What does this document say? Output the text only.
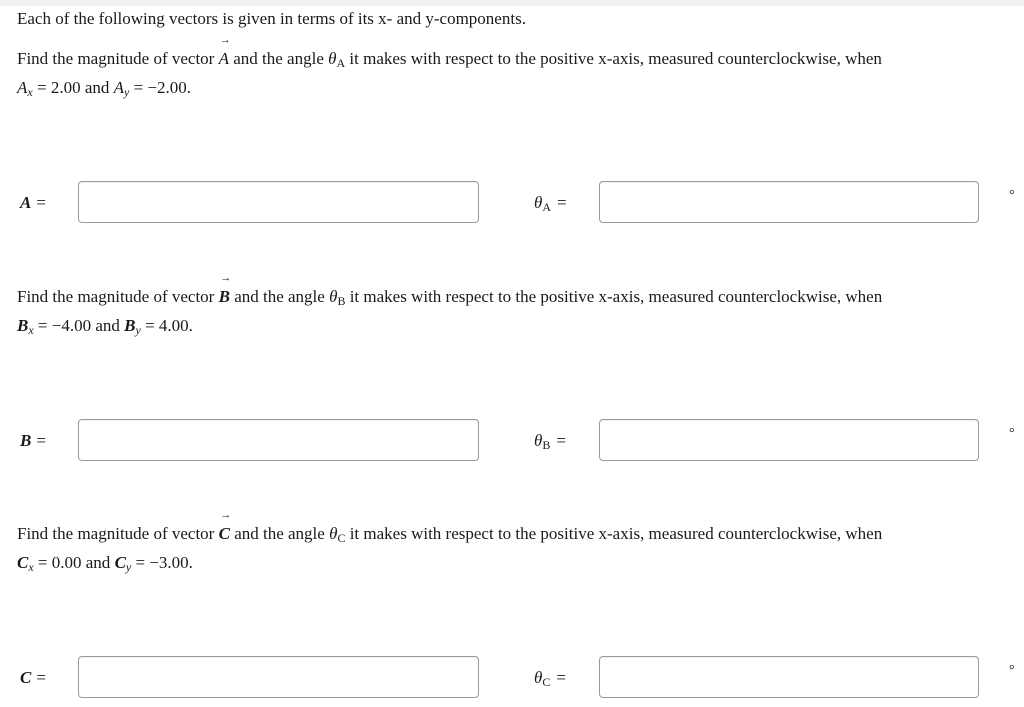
Each of the following vectors is given in terms of its x- and y-components.
Find the magnitude of vector
→
A and the angle $\theta_A$ it makes with respect to the positive x-axis, measured counterclockwise, when
$A_x = 2.00$ and $A_y = -2.00$.
A =	$\theta_A$ =	°
Find the magnitude of vector
→
B and the angle $\theta_B$ it makes with respect to the positive x-axis, measured counterclockwise, when
$B_x = -4.00$ and $B_y = 4.00$.
B =	$\theta_B$ =	°
Find the magnitude of vector
→
C and the angle $\theta_C$ it makes with respect to the positive x-axis, measured counterclockwise, when
$C_x = 0.00$ and $C_y = -3.00$.
C =	$\theta_C$ =	°
